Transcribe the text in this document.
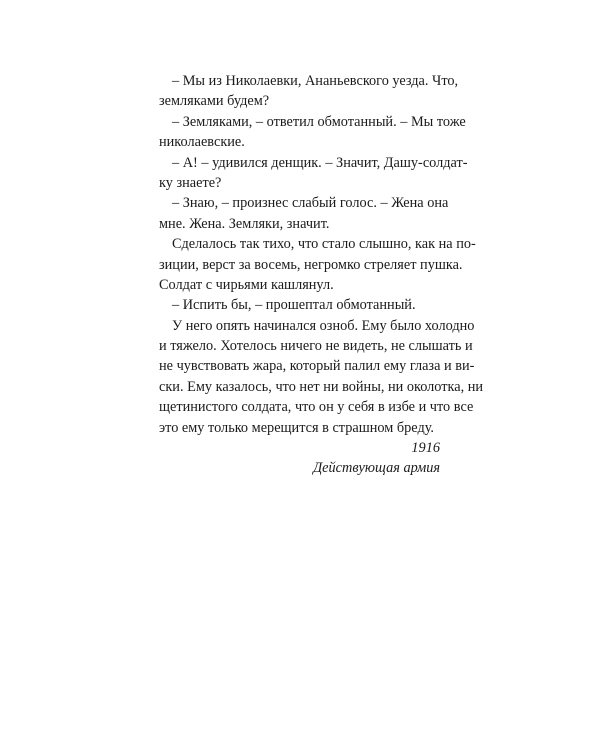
– Мы из Николаевки, Ананьевского уезда. Что,
земляками будем?
– Земляками, – ответил обмотанный. – Мы тоже
николаевские.
– А! – удивился денщик. – Значит, Дашу-солдат-
ку знаете?
– Знаю, – произнес слабый голос. – Жена она
мне. Жена. Земляки, значит.
Сделалось так тихо, что стало слышно, как на по-
зиции, верст за восемь, негромко стреляет пушка.
Солдат с чирьями кашлянул.
– Испить бы, – прошептал обмотанный.
У него опять начинался озноб. Ему было холодно
и тяжело. Хотелось ничего не видеть, не слышать и
не чувствовать жара, который палил ему глаза и ви-
ски. Ему казалось, что нет ни войны, ни околотка, ни
щетинистого солдата, что он у себя в избе и что все
это ему только мерещится в страшном бреду.
1916
Действующая армия
